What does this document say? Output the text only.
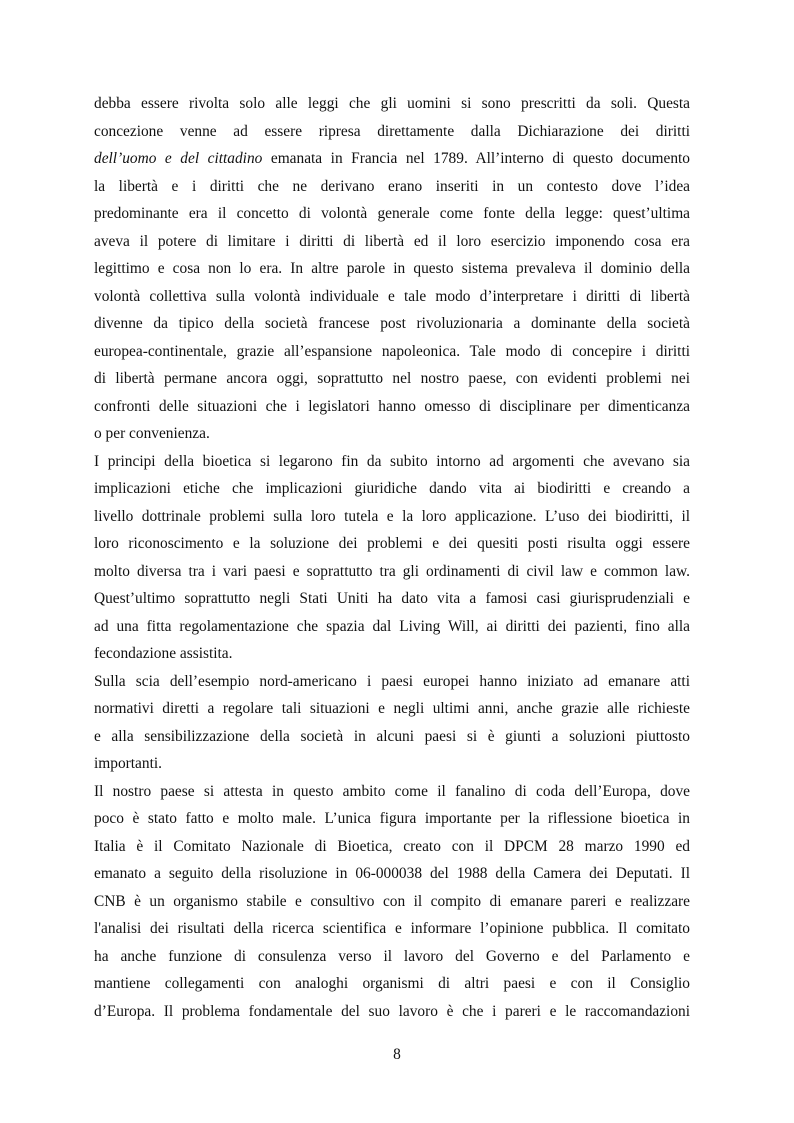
debba essere rivolta solo alle leggi che gli uomini si sono prescritti da soli. Questa
concezione venne ad essere ripresa direttamente dalla Dichiarazione dei diritti
dell’uomo e del cittadino emanata in Francia nel 1789. All’interno di questo documento
la libertà e i diritti che ne derivano erano inseriti in un contesto dove l’idea
predominante era il concetto di volontà generale come fonte della legge: quest’ultima
aveva il potere di limitare i diritti di libertà ed il loro esercizio imponendo cosa era
legittimo e cosa non lo era. In altre parole in questo sistema prevaleva il dominio della
volontà collettiva sulla volontà individuale e tale modo d’interpretare i diritti di libertà
divenne da tipico della società francese post rivoluzionaria a dominante della società
europea-continentale, grazie all’espansione napoleonica. Tale modo di concepire i diritti
di libertà permane ancora oggi, soprattutto nel nostro paese, con evidenti problemi nei
confronti delle situazioni che i legislatori hanno omesso di disciplinare per dimenticanza
o per convenienza.
I principi della bioetica si legarono fin da subito intorno ad argomenti che avevano sia
implicazioni etiche che implicazioni giuridiche dando vita ai biodiritti e creando a
livello dottrinale problemi sulla loro tutela e la loro applicazione. L’uso dei biodiritti, il
loro riconoscimento e la soluzione dei problemi e dei quesiti posti risulta oggi essere
molto diversa tra i vari paesi e soprattutto tra gli ordinamenti di civil law e common law.
Quest’ultimo soprattutto negli Stati Uniti ha dato vita a famosi casi giurisprudenziali e
ad una fitta regolamentazione che spazia dal Living Will, ai diritti dei pazienti, fino alla
fecondazione assistita.
Sulla scia dell’esempio nord-americano i paesi europei hanno iniziato ad emanare atti
normativi diretti a regolare tali situazioni e negli ultimi anni, anche grazie alle richieste
e alla sensibilizzazione della società in alcuni paesi si è giunti a soluzioni piuttosto
importanti.
Il nostro paese si attesta in questo ambito come il fanalino di coda dell’Europa, dove
poco è stato fatto e molto male. L’unica figura importante per la riflessione bioetica in
Italia è il Comitato Nazionale di Bioetica, creato con il DPCM 28 marzo 1990 ed
emanato a seguito della risoluzione in 06-000038 del 1988 della Camera dei Deputati. Il
CNB è un organismo stabile e consultivo con il compito di emanare pareri e realizzare
l'analisi dei risultati della ricerca scientifica e informare l’opinione pubblica. Il comitato
ha anche funzione di consulenza verso il lavoro del Governo e del Parlamento e
mantiene collegamenti con analoghi organismi di altri paesi e con il Consiglio
d’Europa. Il problema fondamentale del suo lavoro è che i pareri e le raccomandazioni
8
